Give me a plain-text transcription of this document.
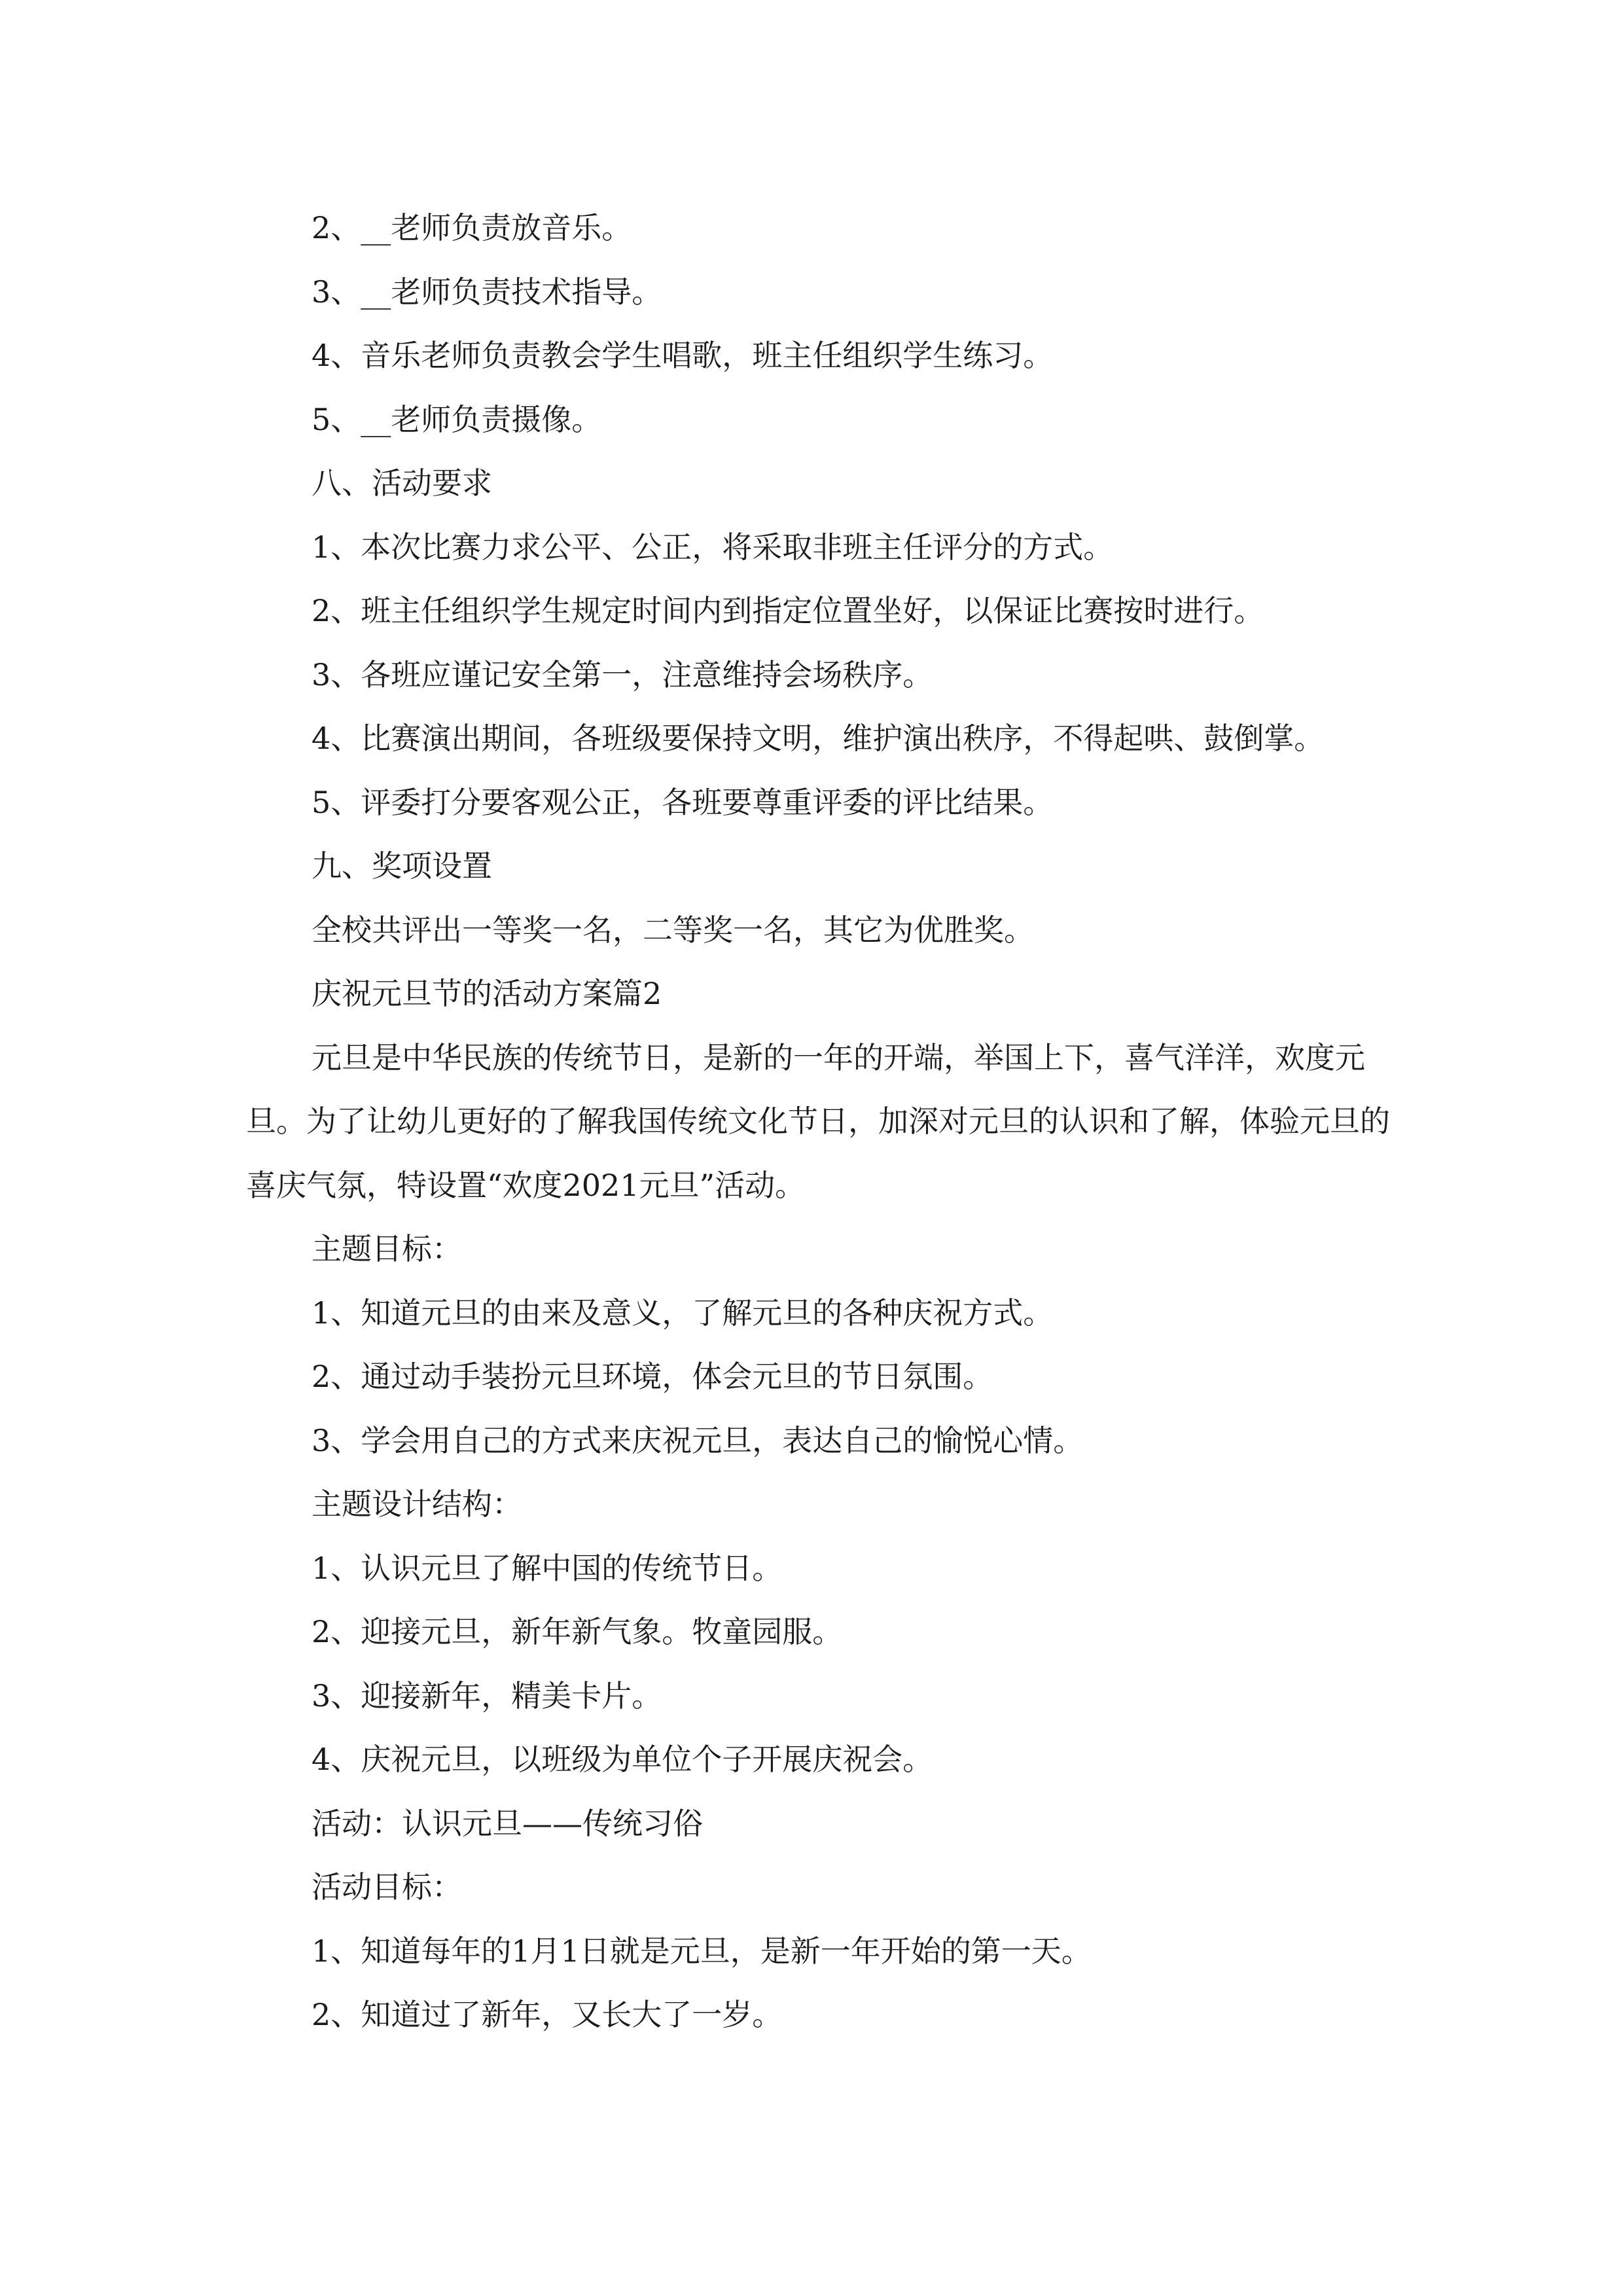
2、__老师负责放音乐。

3、__老师负责技术指导。

4、音乐老师负责教会学生唱歌，班主任组织学生练习。

5、__老师负责摄像。

八、活动要求

1、本次比赛力求公平、公正，将采取非班主任评分的方式。

2、班主任组织学生规定时间内到指定位置坐好，以保证比赛按时进行。

3、各班应谨记安全第一，注意维持会场秩序。

4、比赛演出期间，各班级要保持文明，维护演出秩序，不得起哄、鼓倒掌。

5、评委打分要客观公正，各班要尊重评委的评比结果。

九、奖项设置

全校共评出一等奖一名，二等奖一名，其它为优胜奖。

庆祝元旦节的活动方案篇2

元旦是中华民族的传统节日，是新的一年的开端，举国上下，喜气洋洋，欢度元旦。为了让幼儿更好的了解我国传统文化节日，加深对元旦的认识和了解，体验元旦的喜庆气氛，特设置“欢度2021元旦”活动。

主题目标：

1、知道元旦的由来及意义，了解元旦的各种庆祝方式。

2、通过动手装扮元旦环境，体会元旦的节日氛围。

3、学会用自己的方式来庆祝元旦，表达自己的愉悦心情。

主题设计结构：

1、认识元旦了解中国的传统节日。

2、迎接元旦，新年新气象。牧童园服。

3、迎接新年，精美卡片。

4、庆祝元旦，以班级为单位个子开展庆祝会。

活动：认识元旦——传统习俗

活动目标：

1、知道每年的1月1日就是元旦，是新一年开始的第一天。

2、知道过了新年，又长大了一岁。
